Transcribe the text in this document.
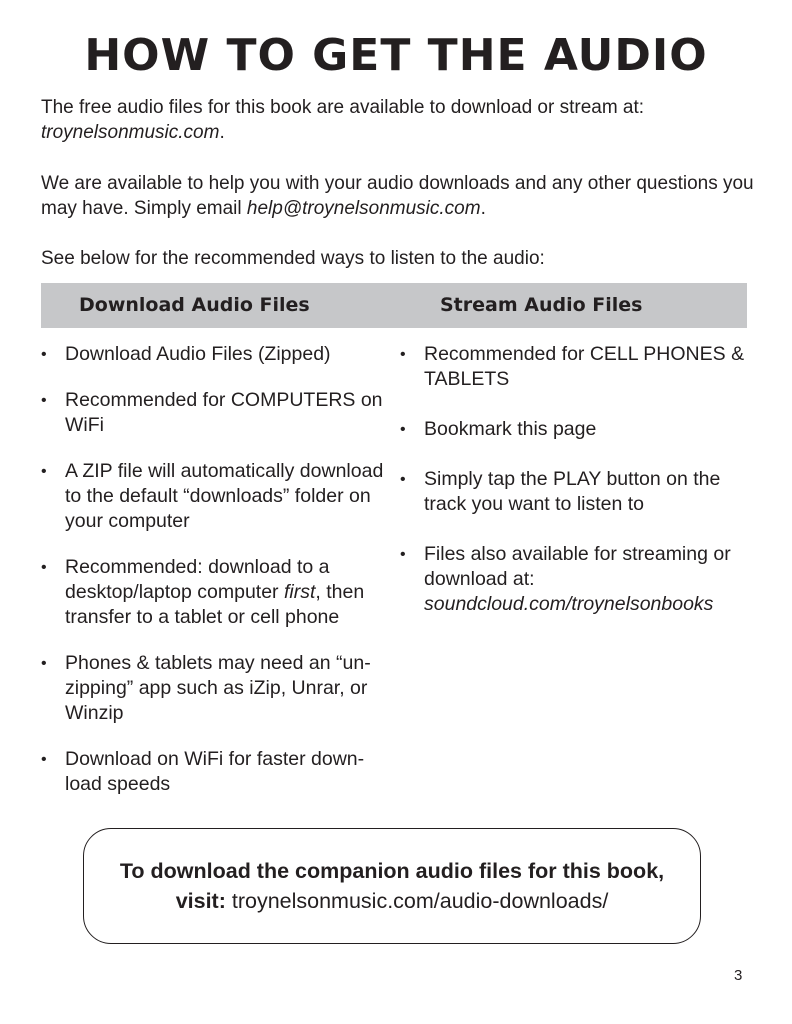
HOW TO GET THE AUDIO

The free audio files for this book are available to download or stream at: troynelsonmusic.com.

We are available to help you with your audio downloads and any other questions you may have. Simply email help@troynelsonmusic.com.

See below for the recommended ways to listen to the audio:

Download Audio Files	Stream Audio Files
• Download Audio Files (Zipped)
• Recommended for COMPUTERS on WiFi
• A ZIP file will automatically download to the default “downloads” folder on your computer
• Recommended: download to a desktop/laptop computer first, then transfer to a tablet or cell phone
• Phones & tablets may need an “unzipping” app such as iZip, Unrar, or Winzip
• Download on WiFi for faster download speeds
• Recommended for CELL PHONES & TABLETS
• Bookmark this page
• Simply tap the PLAY button on the track you want to listen to
• Files also available for streaming or download at: soundcloud.com/troynelsonbooks
To download the companion audio files for this book,
visit: troynelsonmusic.com/audio-downloads/
3
